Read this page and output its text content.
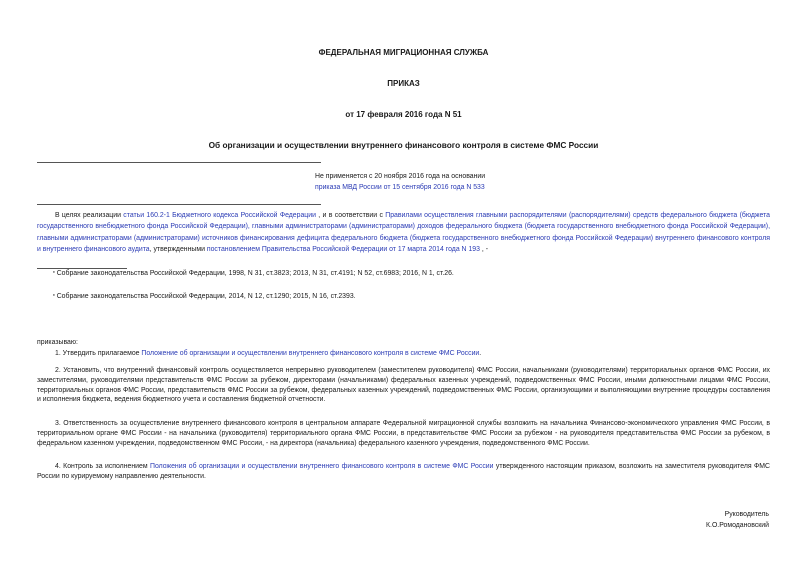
ФЕДЕРАЛЬНАЯ МИГРАЦИОННАЯ СЛУЖБА
ПРИКАЗ
от 17 февраля 2016 года N 51
Об организации и осуществлении внутреннего финансового контроля в системе ФМС России
Не применяется с 20 ноября 2016 года на основании
приказа МВД России от 15 сентября 2016 года N 533
В целях реализации статьи 160.2-1 Бюджетного кодекса Российской Федерации , и в соответствии с Правилами осуществления главными распорядителями (распорядителями) средств федерального бюджета (бюджета государственного внебюджетного фонда Российской Федерации), главными администраторами (администраторами) доходов федерального бюджета (бюджета государственного внебюджетного фонда Российской Федерации), главными администраторами (администраторами) источников финансирования дефицита федерального бюджета (бюджета государственного внебюджетного фонда Российской Федерации) внутреннего финансового контроля и внутреннего финансового аудита, утвержденными постановлением Правительства Российской Федерации от 17 марта 2014 года N 193 , -
▪ Собрание законодательства Российской Федерации, 1998, N 31, ст.3823; 2013, N 31, ст.4191; N 52, ст.6983; 2016, N 1, ст.26.
▪ Собрание законодательства Российской Федерации, 2014, N 12, ст.1290; 2015, N 16, ст.2393.
приказываю:
1. Утвердить прилагаемое Положение об организации и осуществлении внутреннего финансового контроля в системе ФМС России.
2. Установить, что внутренний финансовый контроль осуществляется непрерывно руководителем (заместителем руководителя) ФМС России, начальниками (руководителями) территориальных органов ФМС России, их заместителями, руководителями представительств ФМС России за рубежом, директорами (начальниками) федеральных казенных учреждений, подведомственных ФМС России, иными должностными лицами ФМС России, территориальных органов ФМС России, представительств ФМС России за рубежом, федеральных казенных учреждений, подведомственных ФМС России, организующими и выполняющими внутренние процедуры составления и исполнения бюджета, ведения бюджетного учета и составления бюджетной отчетности.
3. Ответственность за осуществление внутреннего финансового контроля в центральном аппарате Федеральной миграционной службы возложить на начальника Финансово-экономического управления ФМС России, в территориальном органе ФМС России - на начальника (руководителя) территориального органа ФМС России, в представительстве ФМС России за рубежом - на руководителя представительства ФМС России за рубежом, в федеральном казенном учреждении, подведомственном ФМС России, - на директора (начальника) федерального казенного учреждения, подведомственного ФМС России.
4. Контроль за исполнением Положения об организации и осуществлении внутреннего финансового контроля в системе ФМС России утвержденного настоящим приказом, возложить на заместителя руководителя ФМС России по курируемому направлению деятельности.
Руководитель
К.О.Ромодановский
